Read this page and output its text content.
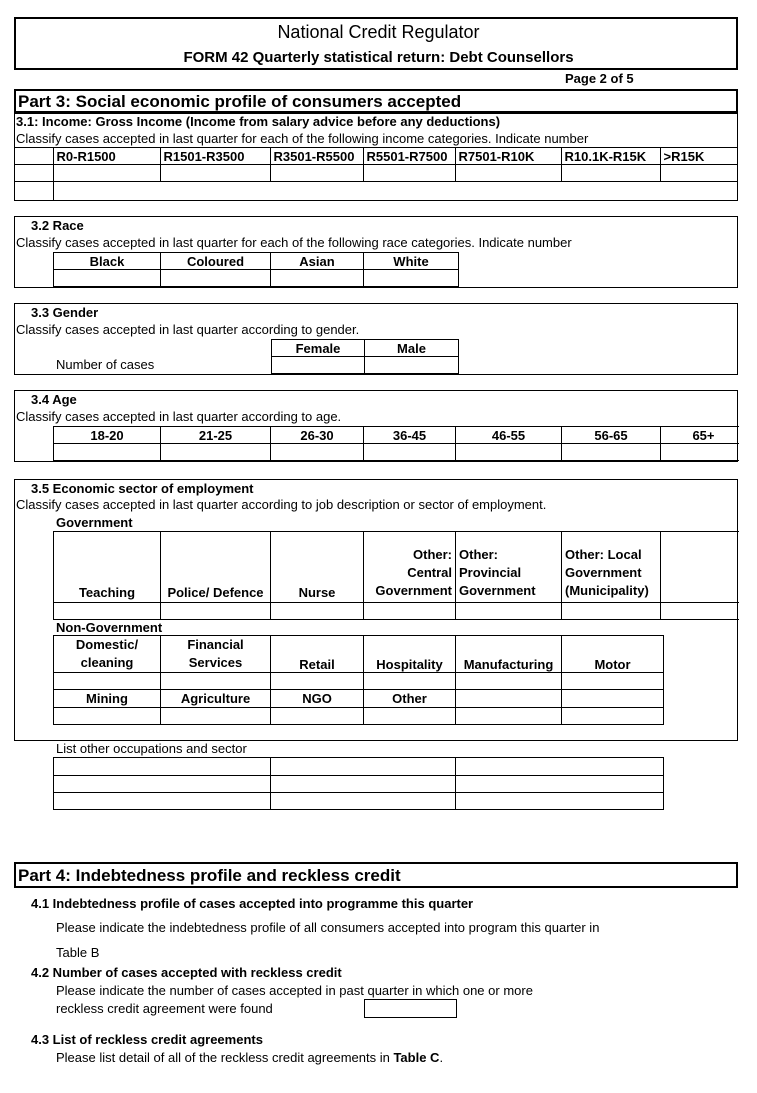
National Credit Regulator
FORM 42 Quarterly statistical return: Debt Counsellors
Page 2 of 5
Part 3: Social economic profile of consumers accepted
3.1: Income: Gross Income (Income from salary advice before any deductions)
Classify cases accepted in last quarter for each of the following income categories. Indicate number
	R0-R1500	R1501-R3500	R3501-R5500	R5501-R7500	R7501-R10K	R10.1K-R15K	>R15K

3.2 Race
Classify cases accepted in last quarter for each of the following race categories. Indicate number
Black	Coloured	Asian	White

3.3 Gender
Classify cases accepted in last quarter according to gender.
Number of cases
Female	Male

3.4 Age
Classify cases accepted in last quarter according to age.
18-20	21-25	26-30	36-45	46-55	56-65	65+

3.5 Economic sector of employment
Classify cases accepted in last quarter according to job description or sector of employment.
Government
Teaching	Police/ Defence	Nurse	Other: Central Government	Other: Provincial Government	Other: Local Government (Municipality)	

Non-Government
Domestic/ cleaning	Financial Services	Retail	Hospitality	Manufacturing	Motor

Mining	Agriculture	NGO	Other		

List other occupations and sector

Part 4: Indebtedness profile and reckless credit
4.1 Indebtedness profile of cases accepted into programme this quarter
Please indicate the indebtedness profile of all consumers accepted into program this quarter in
Table B
4.2 Number of cases accepted with reckless credit
Please indicate the number of cases accepted in past quarter in which one or more
reckless credit agreement were found
4.3 List of reckless credit agreements
Please list detail of all of the reckless credit agreements in Table C.
